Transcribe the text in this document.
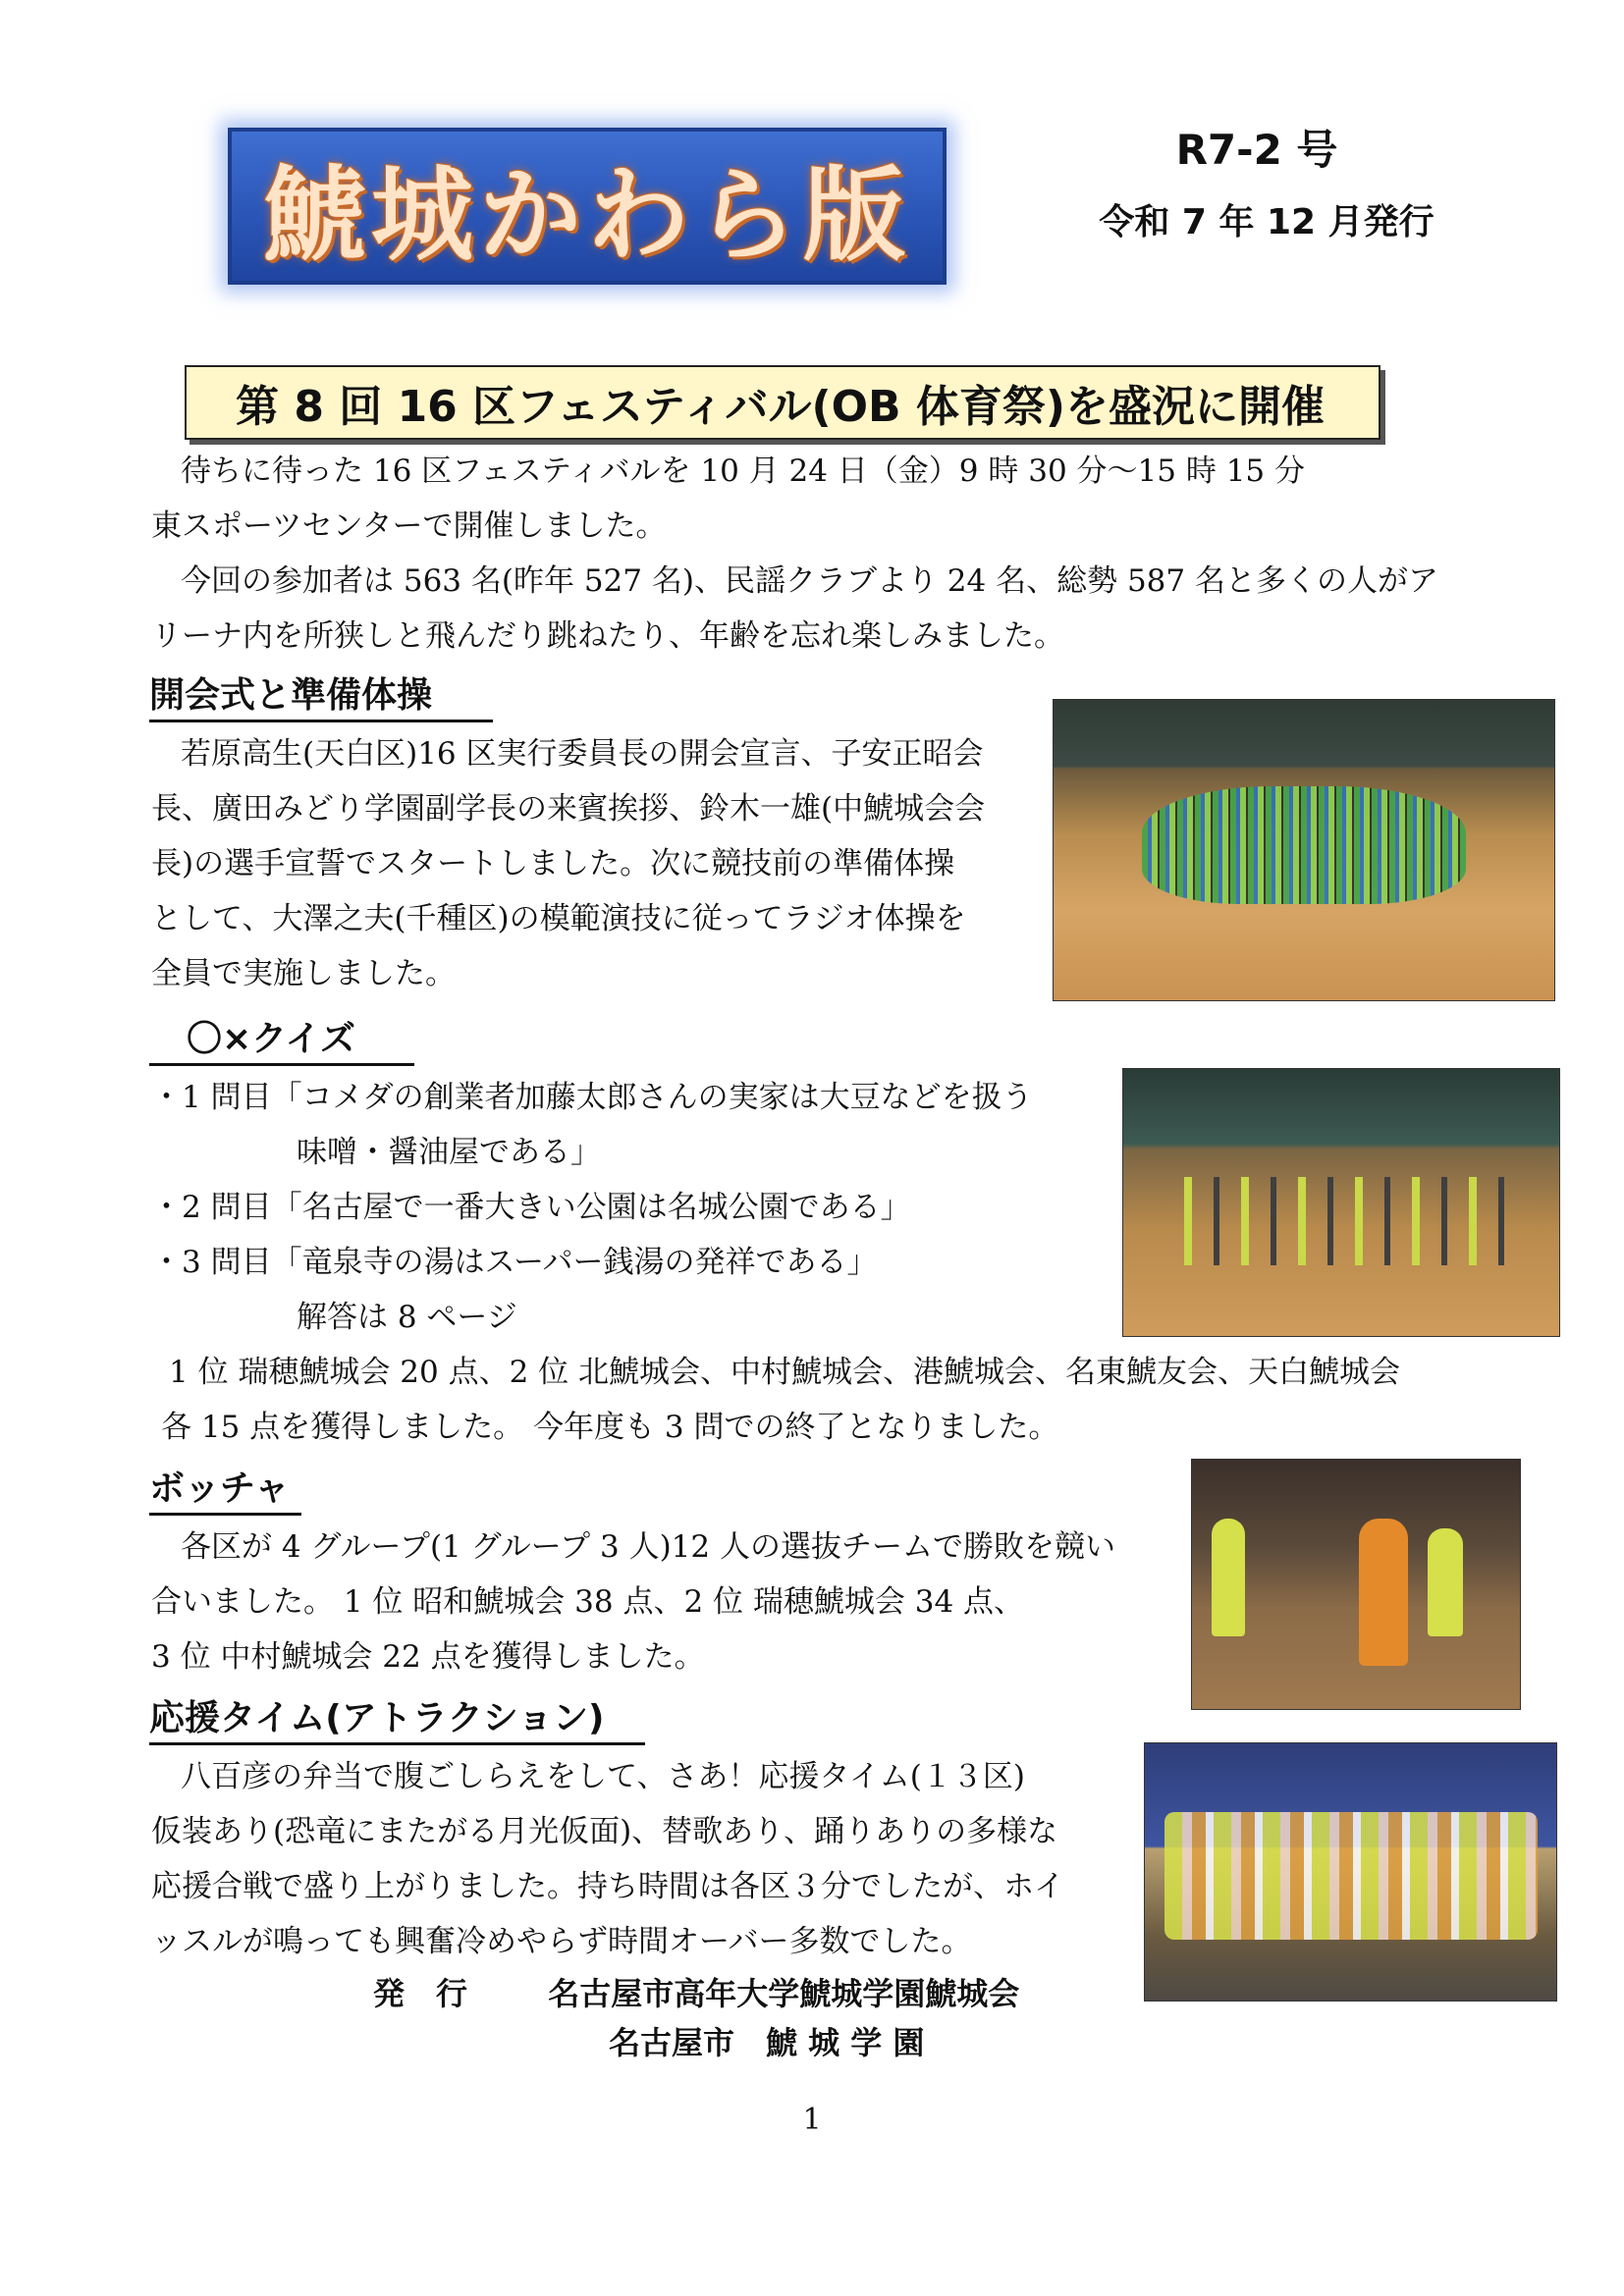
鯱城かわら版
R7-2 号
令和 7 年 12 月発行
第 8 回 16 区フェスティバル(OB 体育祭)を盛況に開催
待ちに待った 16 区フェスティバルを 10 月 24 日（金）9 時 30 分～15 時 15 分
東スポーツセンターで開催しました。
今回の参加者は 563 名(昨年 527 名)、民謡クラブより 24 名、総勢 587 名と多くの人がア
リーナ内を所狭しと飛んだり跳ねたり、年齢を忘れ楽しみました。
開会式と準備体操
若原高生(天白区)16 区実行委員長の開会宣言、子安正昭会
長、廣田みどり学園副学長の来賓挨拶、鈴木一雄(中鯱城会会
長)の選手宣誓でスタートしました。次に競技前の準備体操
として、大澤之夫(千種区)の模範演技に従ってラジオ体操を
全員で実施しました。
〇×クイズ
・1 問目「コメダの創業者加藤太郎さんの実家は大豆などを扱う
味噌・醤油屋である」
・2 問目「名古屋で一番大きい公園は名城公園である」
・3 問目「竜泉寺の湯はスーパー銭湯の発祥である」
解答は 8 ページ
1 位 瑞穂鯱城会 20 点、2 位 北鯱城会、中村鯱城会、港鯱城会、名東鯱友会、天白鯱城会
各 15 点を獲得しました。 今年度も 3 問での終了となりました。
ボッチャ
各区が 4 グループ(1 グループ 3 人)12 人の選抜チームで勝敗を競い
合いました。 1 位 昭和鯱城会 38 点、2 位 瑞穂鯱城会 34 点、
3 位 中村鯱城会 22 点を獲得しました。
応援タイム(アトラクション)
八百彦の弁当で腹ごしらえをして、さあ！応援タイム(１３区)
仮装あり(恐竜にまたがる月光仮面)、替歌あり、踊りありの多様な
応援合戦で盛り上がりました。持ち時間は各区３分でしたが、ホイ
ッスルが鳴っても興奮冷めやらず時間オーバー多数でした。
発　行	名古屋市高年大学鯱城学園鯱城会
名古屋市　鯱 城 学 園
1
